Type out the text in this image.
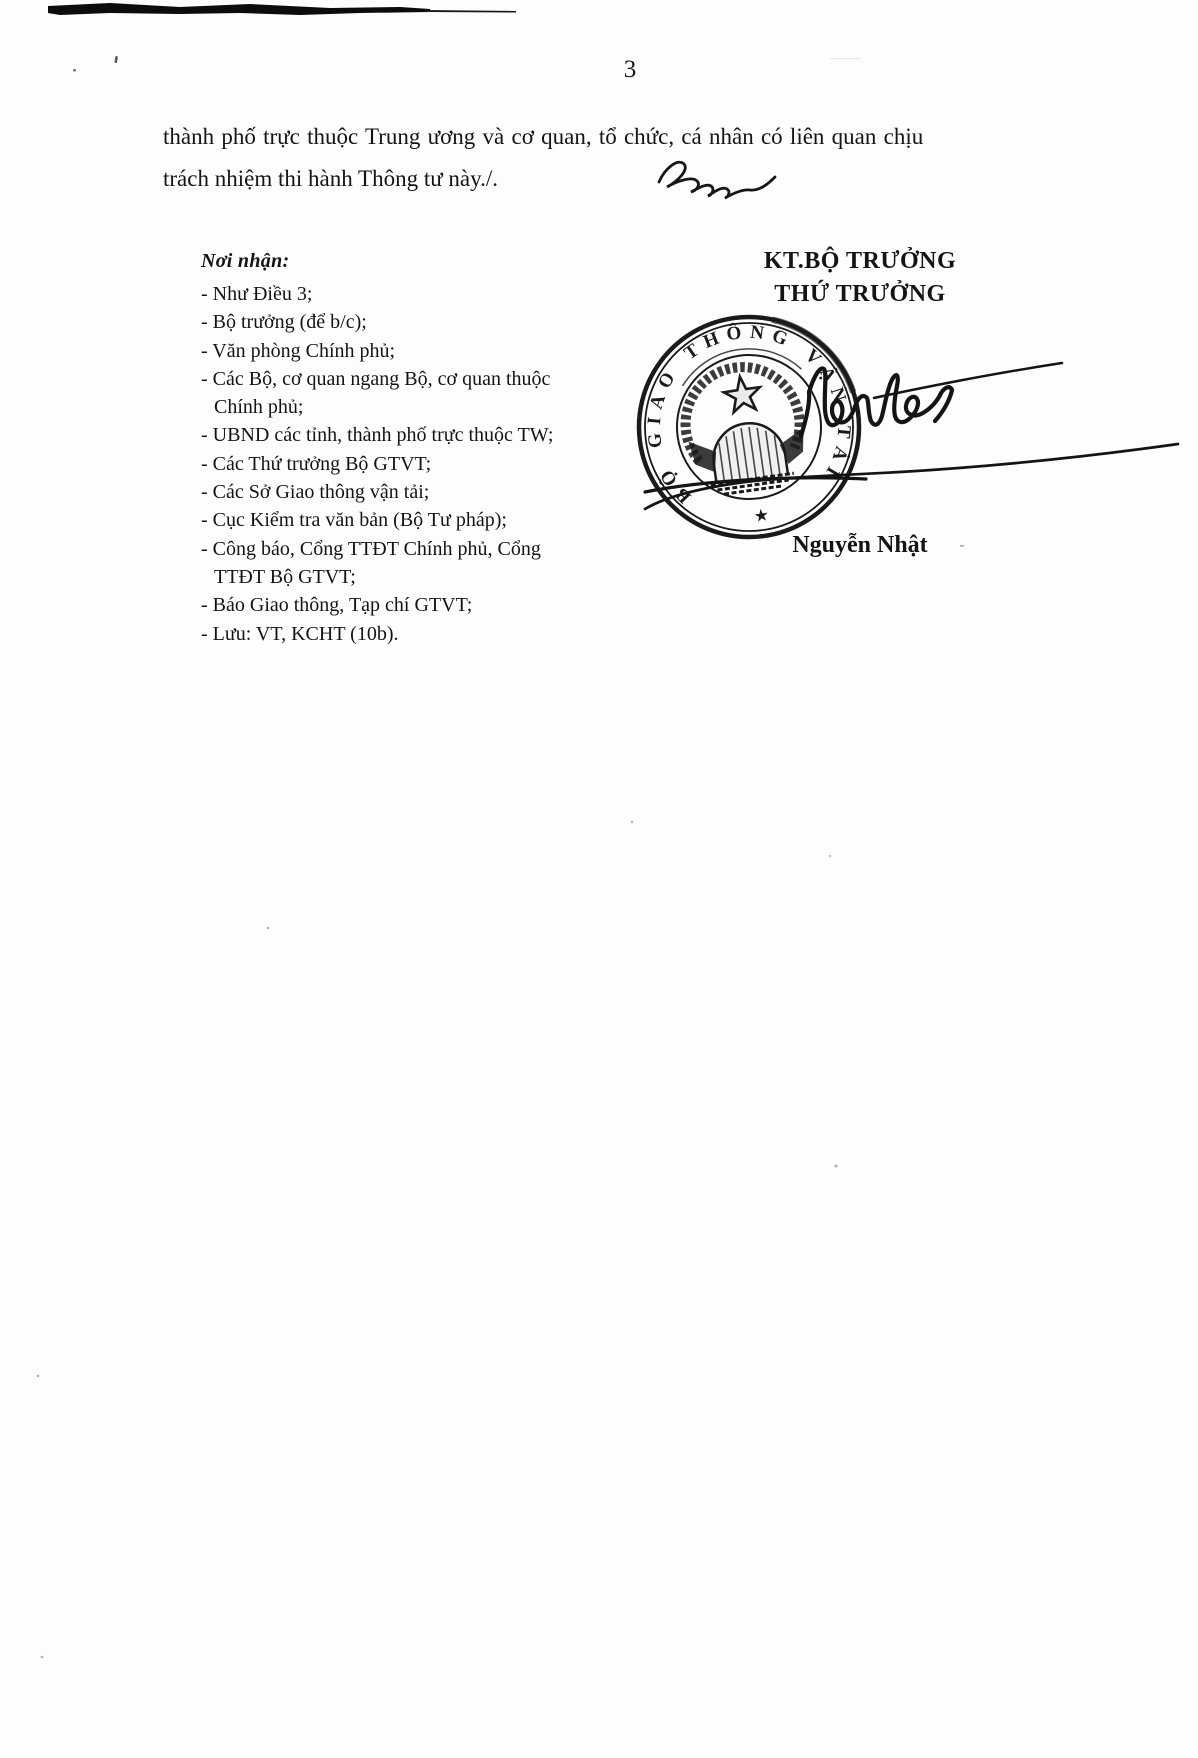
3
thành phố trực thuộc Trung ương và cơ quan, tổ chức, cá nhân có liên quan chịu
trách nhiệm thi hành Thông tư này./.
Nơi nhận:
- Như Điều 3;
- Bộ trưởng (để b/c);
- Văn phòng Chính phủ;
- Các Bộ, cơ quan ngang Bộ, cơ quan thuộc
Chính phủ;
- UBND các tỉnh, thành phố trực thuộc TW;
- Các Thứ trưởng Bộ GTVT;
- Các Sở Giao thông vận tải;
- Cục Kiểm tra văn bản (Bộ Tư pháp);
- Công báo, Cổng TTĐT Chính phủ, Cổng
TTĐT Bộ GTVT;
- Báo Giao thông, Tạp chí GTVT;
- Lưu: VT, KCHT (10b).
KT.BỘ TRƯỞNG
THỨ TRƯỞNG
Nguyễn Nhật
BỘ GIAO THÔNG VẬN TẢI
★
